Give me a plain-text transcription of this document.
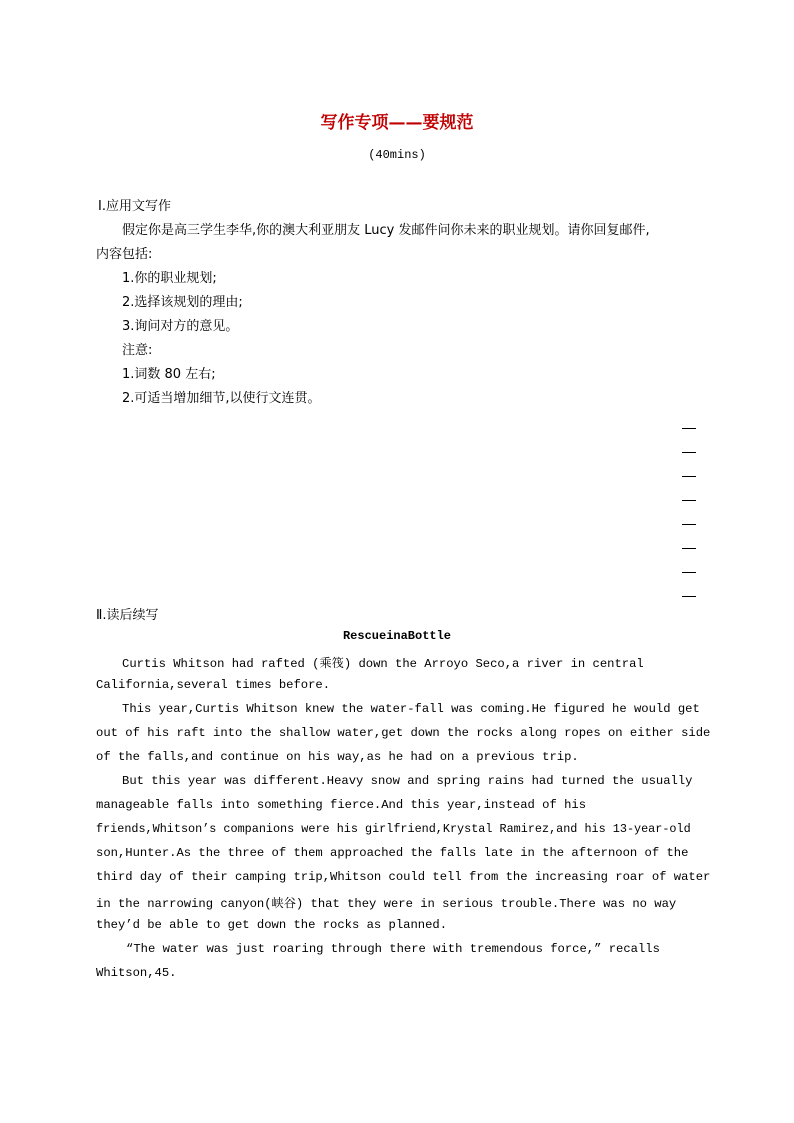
写作专项——要规范
(40mins)
Ⅰ.应用文写作
假定你是高三学生李华,你的澳大利亚朋友 Lucy 发邮件问你未来的职业规划。请你回复邮件,
内容包括:
1.你的职业规划;
2.选择该规划的理由;
3.询问对方的意见。
注意:
1.词数 80 左右;
2.可适当增加细节,以使行文连贯。
Ⅱ.读后续写
RescueinaBottle
Curtis Whitson had rafted (乘筏) down the Arroyo Seco,a river in central
California,several times before.
This year,Curtis Whitson knew the water-fall was coming.He figured he would get
out of his raft into the shallow water,get down the rocks along ropes on either side
of the falls,and continue on his way,as he had on a previous trip.
But this year was different.Heavy snow and spring rains had turned the usually
manageable falls into something fierce.And this year,instead of his
friends,Whitson’s companions were his girlfriend,Krystal Ramirez,and his 13-year-old
son,Hunter.As the three of them approached the falls late in the afternoon of the
third day of their camping trip,Whitson could tell from the increasing roar of water
in the narrowing canyon(峡谷) that they were in serious trouble.There was no way
they’d be able to get down the rocks as planned.
“The water was just roaring through there with tremendous force,” recalls
Whitson,45.
